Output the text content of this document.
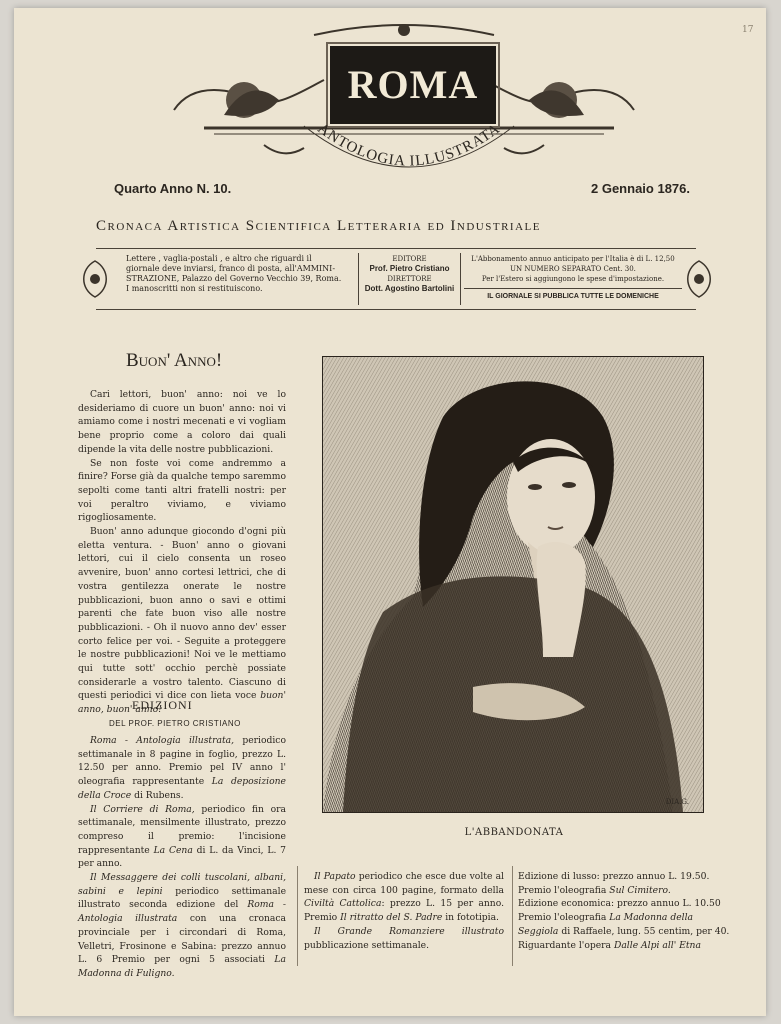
17
ROMA
ANTOLOGIA ILLUSTRATA
Quarto Anno N. 10.	2 Gennaio 1876.
Cronaca Artistica Scientifica Letteraria ed Industriale
Lettere , vaglia-postali , e altro che riguardi il
giornale deve inviarsi, franco di posta, all'AMMINI-
STRAZIONE, Palazzo del Governo Vecchio 39, Roma.
I manoscritti non si restituiscono.
EDITORE
Prof. Pietro Cristiano
DIRETTORE
Dott. Agostino Bartolini
L'Abbonamento annuo anticipato per l'Italia è di L. 12,50
UN NUMERO SEPARATO Cent. 30.
Per l'Estero si aggiungono le spese d'impostazione.
IL GIORNALE SI PUBBLICA TUTTE LE DOMENICHE
Buon' Anno!

Cari lettori, buon' anno: noi ve lo desideriamo di cuore un buon' anno: noi vi amiamo come i nostri mecenati e vi vogliam bene proprio come a coloro dai quali dipende la vita delle nostre pubblicazioni.

Se non foste voi come andremmo a finire? Forse già da qualche tempo saremmo sepolti come tanti altri fratelli nostri: per voi peraltro viviamo, e viviamo rigogliosamente.

Buon' anno adunque giocondo d'ogni più eletta ventura. - Buon' anno o giovani lettori, cui il cielo consenta un roseo avvenire, buon' anno cortesi lettrici, che di vostra gentilezza onerate le nostre pubblicazioni, buon anno o savi e ottimi parenti che fate buon viso alle nostre pubblicazioni. - Oh il nuovo anno dev' esser corto felice per voi. - Seguite a proteggere le nostre pubblicazioni! Noi ve le mettiamo qui tutte sott' occhio perchè possiate considerarle a vostro talento. Ciascuno di questi periodici vi dice con lieta voce buon' anno, buon' anno!

EDIZIONI
DEL PROF. PIETRO CRISTIANO

Roma - Antologia illustrata, periodico settimanale in 8 pagine in foglio, prezzo L. 12.50 per anno. Premio pel IV anno l' oleografia rappresentante La deposizione della Croce di Rubens.

Il Corriere di Roma, periodico fin ora settimanale, mensilmente illustrato, prezzo compreso il premio: l'incisione rappresentante La Cena di L. da Vinci, L. 7 per anno.

Il Messaggere dei colli tuscolani, albani, sabini e lepini periodico settimanale illustrato seconda edizione del Roma - Antologia illustrata con una cronaca provinciale per i circondari di Roma, Velletri, Frosinone e Sabina: prezzo annuo L. 6 Premio per ogni 5 associati La Madonna di Fuligno.

DIA.G.
L'ABBANDONATA

Il Papato periodico che esce due volte al mese con circa 100 pagine, formato della Civiltà Cattolica: prezzo L. 15 per anno. Premio Il ritratto del S. Padre in fototipia.

Il Grande Romanziere illustrato pubblicazione settimanale.

Edizione di lusso: prezzo annuo L. 19.50.
Premio l'oleografia Sul Cimitero.
Edizione economica: prezzo annuo L. 10.50
Premio l'oleografia La Madonna della Seggiola di Raffaele, lung. 55 centim, per 40.
Riguardante l'opera Dalle Alpi all' Etna
